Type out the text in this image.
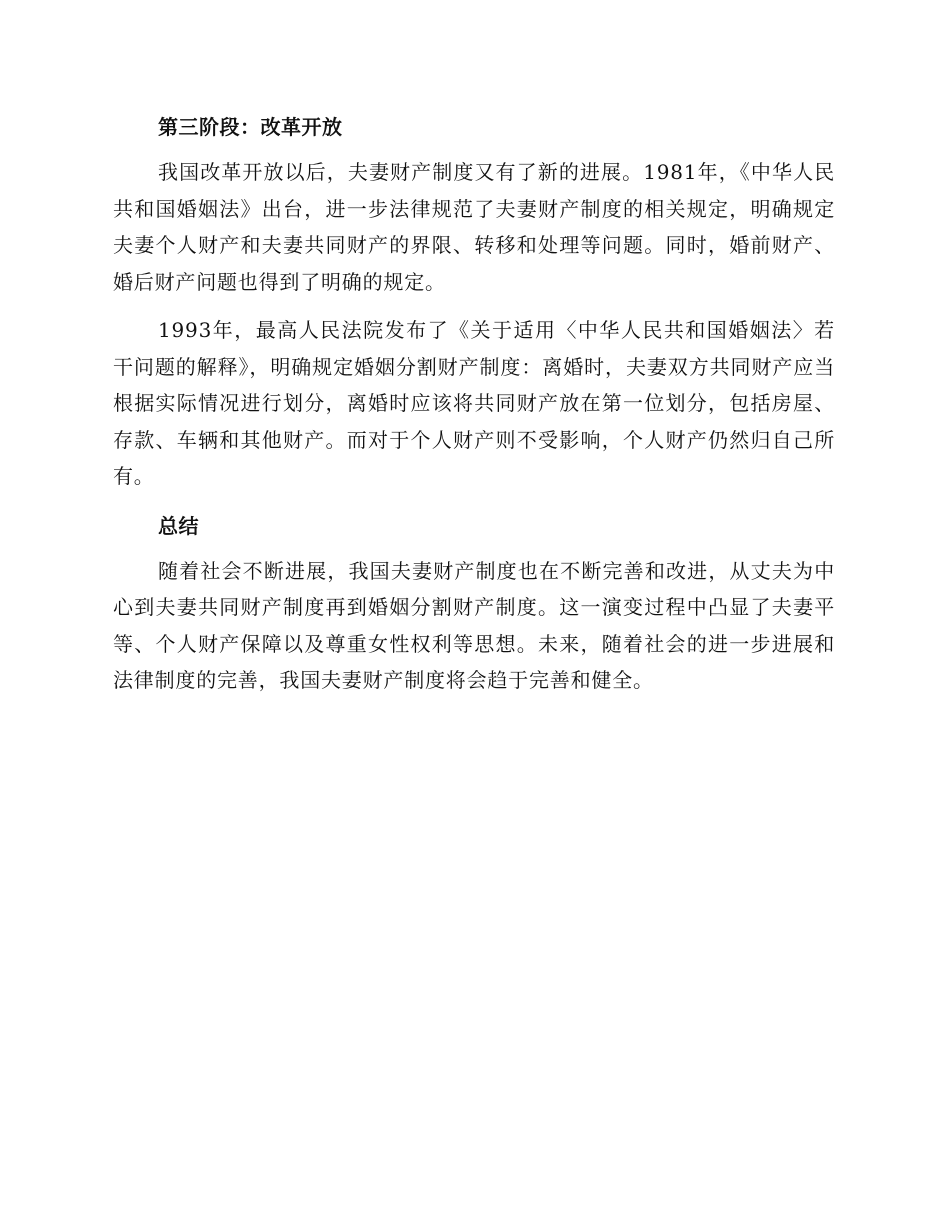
第三阶段：改革开放

我国改革开放以后，夫妻财产制度又有了新的进展。1981年，《中华人民共和国婚姻法》出台，进一步法律规范了夫妻财产制度的相关规定，明确规定夫妻个人财产和夫妻共同财产的界限、转移和处理等问题。同时，婚前财产、婚后财产问题也得到了明确的规定。

1993年，最高人民法院发布了《关于适用〈中华人民共和国婚姻法〉若干问题的解释》，明确规定婚姻分割财产制度：离婚时，夫妻双方共同财产应当根据实际情况进行划分，离婚时应该将共同财产放在第一位划分，包括房屋、存款、车辆和其他财产。而对于个人财产则不受影响，个人财产仍然归自己所有。

总结

随着社会不断进展，我国夫妻财产制度也在不断完善和改进，从丈夫为中心到夫妻共同财产制度再到婚姻分割财产制度。这一演变过程中凸显了夫妻平等、个人财产保障以及尊重女性权利等思想。未来，随着社会的进一步进展和法律制度的完善，我国夫妻财产制度将会趋于完善和健全。
